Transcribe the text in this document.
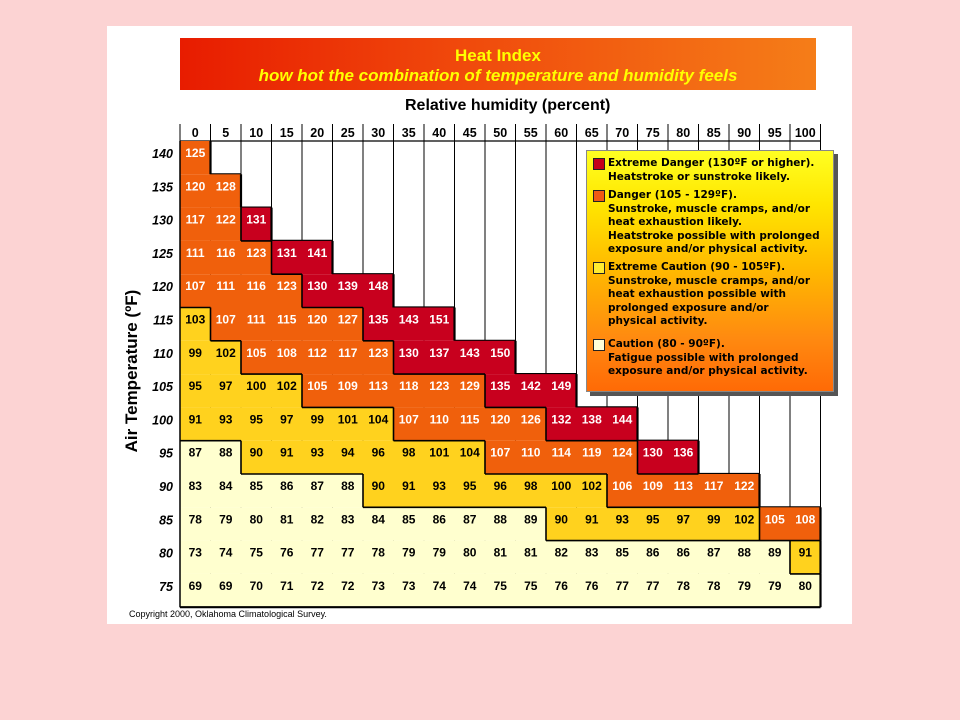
Heat Index
how hot the combination of temperature and humidity feels
Relative humidity (percent)
Air Temperature (ºF)
0 5 10 15 20 25 30 35 40 45 50 55 60 65 70 75 80 85 90 95 100
140 125
135 120 128
130 117 122 131
125 111 116 123 131 141
120 107 111 116 123 130 139 148
115 103 107 111 115 120 127 135 143 151
110 99 102 105 108 112 117 123 130 137 143 150
105 95 97 100 102 105 109 113 118 123 129 135 142 149
100 91 93 95 97 99 101 104 107 110 115 120 126 132 138 144
95 87 88 90 91 93 94 96 98 101 104 107 110 114 119 124 130 136
90 83 84 85 86 87 88 90 91 93 95 96 98 100 102 106 109 113 117 122
85 78 79 80 81 82 83 84 85 86 87 88 89 90 91 93 95 97 99 102 105 108
80 73 74 75 76 77 77 78 79 79 80 81 81 82 83 85 86 86 87 88 89 91
75 69 69 70 71 72 72 73 73 74 74 75 75 76 76 77 77 78 78 79 79 80
Extreme Danger (130ºF or higher).
Heatstroke or sunstroke likely.
Danger (105 - 129ºF).
Sunstroke, muscle cramps, and/or
heat exhaustion likely.
Heatstroke possible with prolonged
exposure and/or physical activity.
Extreme Caution (90 - 105ºF).
Sunstroke, muscle cramps, and/or
heat exhaustion possible with
prolonged exposure and/or
physical activity.
Caution (80 - 90ºF).
Fatigue possible with prolonged
exposure and/or physical activity.
Copyright 2000, Oklahoma Climatological Survey.
